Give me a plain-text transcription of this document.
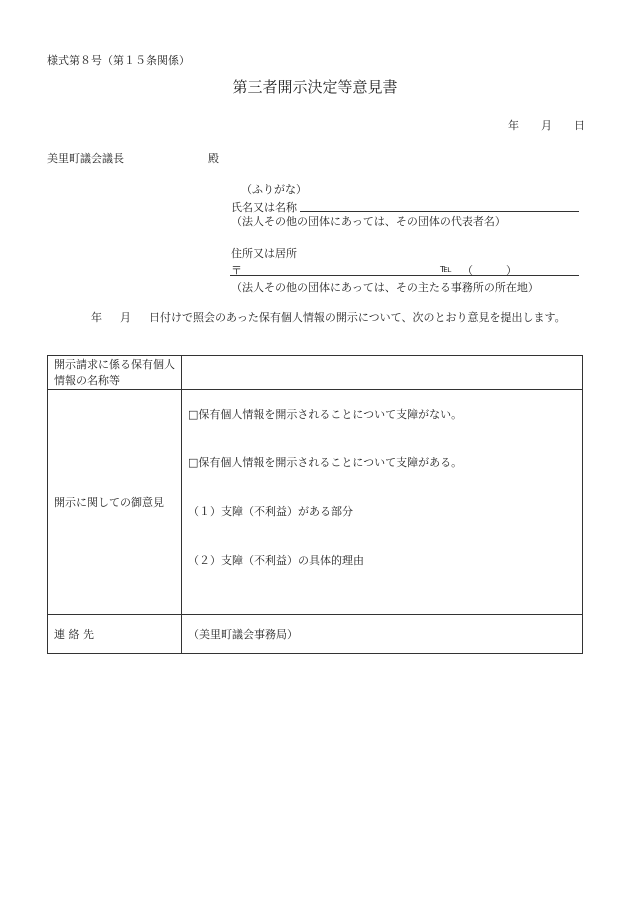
様式第８号（第１５条関係）
第三者開示決定等意見書
年 月 日
美里町議会議長	殿
（ふりがな）
氏名又は名称
（法人その他の団体にあっては、その団体の代表者名）
住所又は居所
〒	℡ （　　　）
（法人その他の団体にあっては、その主たる事務所の所在地）
年 月 日付けで照会のあった保有個人情報の開示について、次のとおり意見を提出します。
開示請求に係る保有個人情報の名称等	
開示に関しての御意見	□保有個人情報を開示されることについて支障がない。
□保有個人情報を開示されることについて支障がある。
（１）支障（不利益）がある部分
（２）支障（不利益）の具体的理由

連 絡 先	（美里町議会事務局）
